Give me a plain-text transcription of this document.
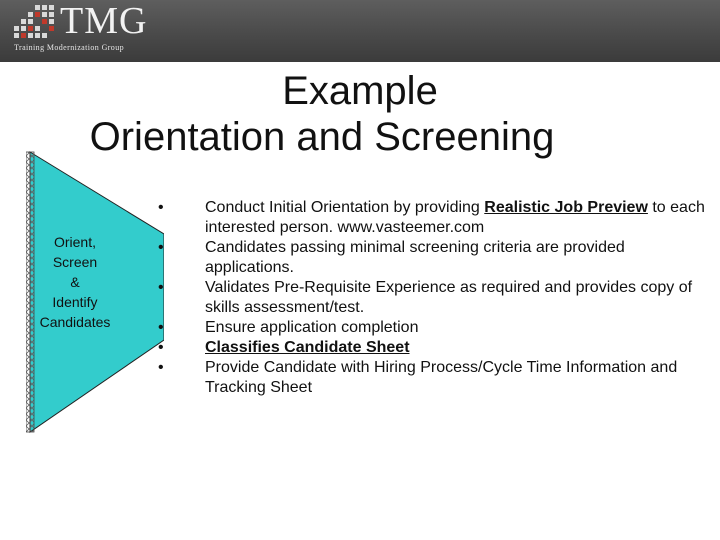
TMG
Training Modernization Group
Example
Orientation and Screening
Orient,
Screen
&
Identify
Candidates
•	Conduct Initial Orientation by providing Realistic Job Preview to each interested person. www.vasteemer.com
•	Candidates passing minimal screening criteria are provided applications.
•	Validates Pre-Requisite Experience as required and provides copy of skills assessment/test.
•	Ensure application completion
•	Classifies Candidate Sheet
•	Provide Candidate with Hiring Process/Cycle Time Information and Tracking Sheet
